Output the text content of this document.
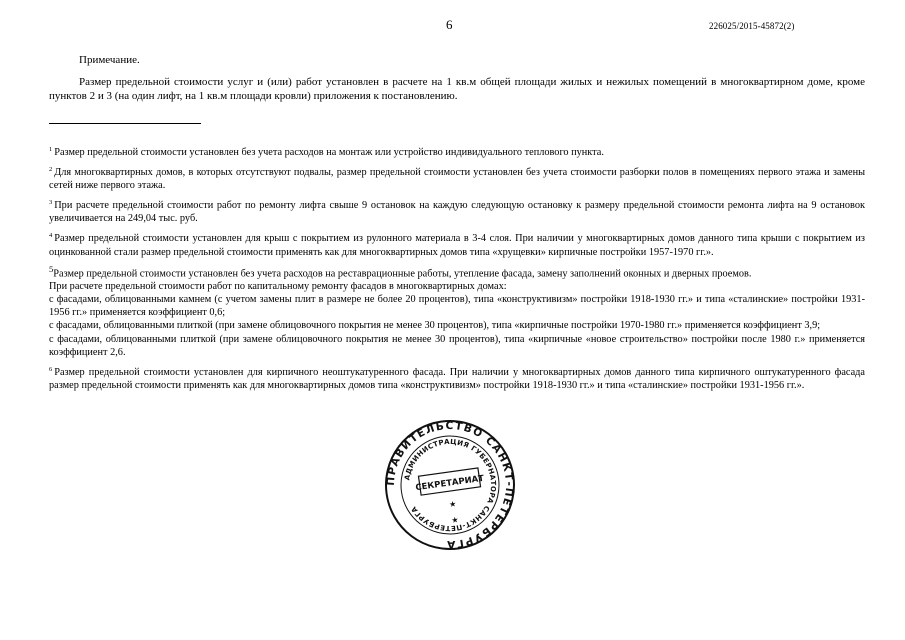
6	226025/2015-45872(2)
Примечание.

Размер предельной стоимости услуг и (или) работ установлен в расчете на 1 кв.м общей площади жилых и нежилых помещений в многоквартирном доме, кроме пунктов 2 и 3 (на один лифт, на 1 кв.м площади кровли) приложения к постановлению.

$^1$ Размер предельной стоимости установлен без учета расходов на монтаж или устройство индивидуального теплового пункта.

$^2$ Для многоквартирных домов, в которых отсутствуют подвалы, размер предельной стоимости установлен без учета стоимости разборки полов в помещениях первого этажа и замены сетей ниже первого этажа.

$^3$ При расчете предельной стоимости работ по ремонту лифта свыше 9 остановок на каждую следующую остановку к размеру предельной стоимости ремонта лифта на 9 остановок увеличивается на 249,04 тыс. руб.

$^4$ Размер предельной стоимости установлен для крыш с покрытием из рулонного материала в 3-4 слоя. При наличии у многоквартирных домов данного типа крыши с покрытием из оцинкованной стали размер предельной стоимости применять как для многоквартирных домов типа «хрущевки» кирпичные постройки 1957-1970 гг.».

$^5$Размер предельной стоимости установлен без учета расходов на реставрационные работы, утепление фасада, замену заполнений оконных и дверных проемов.

При расчете предельной стоимости работ по капитальному ремонту фасадов в многоквартирных домах:

с фасадами, облицованными камнем (с учетом замены плит в размере не более 20 процентов), типа «конструктивизм» постройки 1918-1930 гг.» и типа «сталинские» постройки 1931-1956 гг.» применяется коэффициент 0,6;

с фасадами, облицованными плиткой (при замене облицовочного покрытия не менее 30 процентов), типа «кирпичные постройки 1970-1980 гг.» применяется коэффициент 3,9;

с фасадами, облицованными плиткой (при замене облицовочного покрытия не менее 30 процентов), типа «кирпичные «новое строительство» постройки после 1980 г.» применяется коэффициент 2,6.

$^6$ Размер предельной стоимости установлен для кирпичного неоштукатуренного фасада. При наличии у многоквартирных домов данного типа кирпичного оштукатуренного фасада размер предельной стоимости применять как для многоквартирных домов типа «конструктивизм» постройки 1918-1930 гг.» и типа «сталинские» постройки 1931-1956 гг.».

ПРАВИТЕЛЬСТВО САНКТ-ПЕТЕРБУРГА
АДМИНИСТРАЦИЯ ГУБЕРНАТОРА САНКТ-ПЕТЕРБУРГА
СЕКРЕТАРИАТ
★
★
